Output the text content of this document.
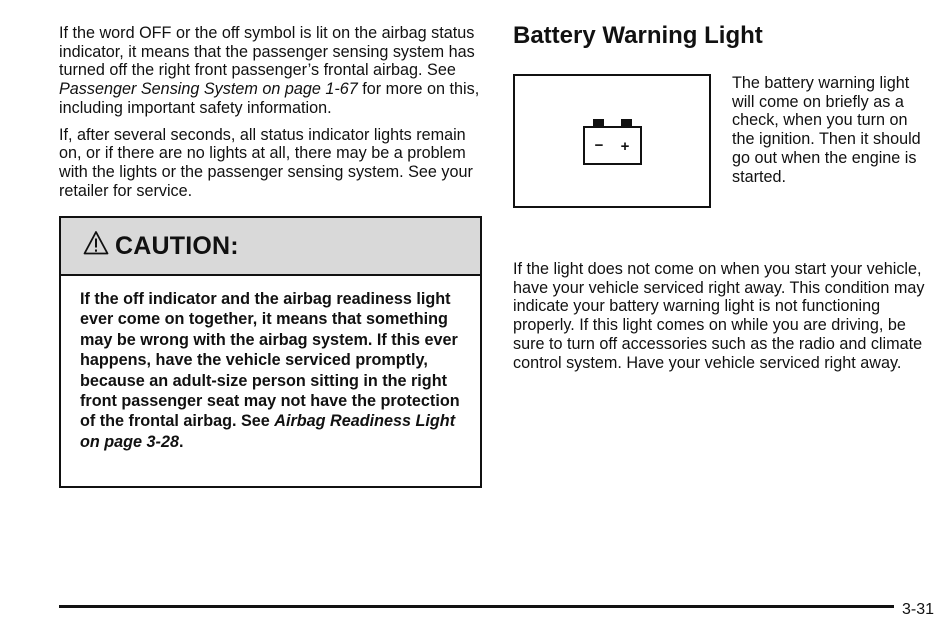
If the word OFF or the off symbol is lit on the airbag status indicator, it means that the passenger sensing system has turned off the right front passenger’s frontal airbag. See Passenger Sensing System on page 1-67 for more on this, including important safety information.

If, after several seconds, all status indicator lights remain on, or if there are no lights at all, there may be a problem with the lights or the passenger sensing system. See your retailer for service.

CAUTION:
If the off indicator and the airbag readiness light ever come on together, it means that something may be wrong with the airbag system. If this ever happens, have the vehicle serviced promptly, because an adult-size person sitting in the right front passenger seat may not have the protection of the frontal airbag. See Airbag Readiness Light on page 3-28.
Battery Warning Light
− +

The battery warning light will come on briefly as a check, when you turn on the ignition. Then it should go out when the engine is started.

If the light does not come on when you start your vehicle, have your vehicle serviced right away. This condition may indicate your battery warning light is not functioning properly. If this light comes on while you are driving, be sure to turn off accessories such as the radio and climate control system. Have your vehicle serviced right away.

3-31
